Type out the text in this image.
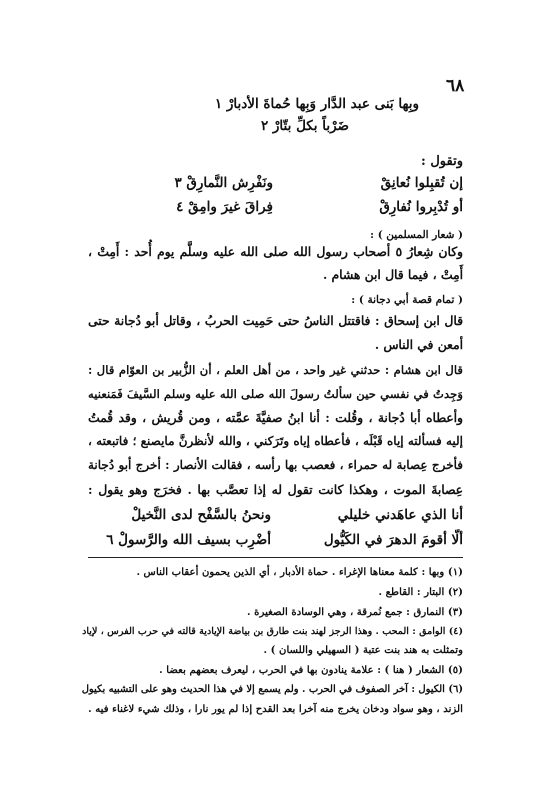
٦٨
وبِها بَنى عبد الدَّار وَبِها حُماةَ الأدبارْ ١
ضَرْباً بكلِّ بتّارْ ٢
وتقول :
إن تُقبِلوا نُعانِقْ
ونَفْرِش النَّمارِقْ ٣
أو تُدْبِروا نُفارِقْ
فِراقَ غيرَ وامِقْ ٤
( شعار المسلمين ) :
وكان شِعارُ ٥ أصحاب رسول الله صلى الله عليه وسلَّم يوم أُحد : أَمِتْ ،
أَمِتْ ، فيما قال ابن هشام .
( تمام قصة أبي دجانة ) :
قال ابن إسحاق : فاقتتل الناسُ حتى حَمِيت الحربُ ، وقاتل أبو دُجانة حتى
أمعن في الناس .
قال ابن هشام : حدثني غير واحد ، من أهل العلم ، أن الزُّبير بن العوّام قال :
وَجِدتُ في نفسي حين سألتُ رسولَ الله صلى الله عليه وسلم السَّيفَ فَمَنعنيه
وأعطاه أبا دُجانة ، وقُلت : أنا ابنُ صفيَّةَ عمَّته ، ومن قُريش ، وقد قُمتُ
إليه فسألته إياه قَبْلَه ، فأعطاه إياه وتَرَكني ، والله لأنظرنَّ مايصنع ؛ فاتبعته ،
فأخرج عِصابة له حمراء ، فعصب بها رأسه ، فقالت الأنصار : أخرج أبو دُجانة
عِصابةَ الموت ، وهكذا كانت تقول له إذا تعصَّب بها . فخرَج وهو يقول :
أنا الذي عاهَدني خليلي
ونحنُ بالسَّفْح لدى النَّخيلْ
ألّا أقومَ الدهرَ في الكَيُّول
أضْرِب بسيف الله والرَّسولْ ٦
(١) وبها : كلمة معناها الإغراء . حماة الأدبار ، أي الذين يحمون أعقاب الناس .
(٢) البتار : القاطع .
(٣) النمارق : جمع نُمرقة ، وهي الوسادة الصغيرة .
(٤) الوامق : المحب . وهذا الرجز لهند بنت طارق بن بياضة الإيادية قالته في حرب الفرس ، لإياد
وتمثلت به هند بنت عتبة ( السهيلي واللسان ) .
(٥) الشعار ( هنا ) : علامة ينادون بها في الحرب ، ليعرف بعضهم بعضا .
(٦) الكيول : آخر الصفوف في الحرب . ولم يسمع إلا في هذا الحديث وهو على التشبيه بكيول
الزند ، وهو سواد ودخان يخرج منه آخرا بعد القدح إذا لم يور نارا ، وذلك شيء لاغناء فيه .
